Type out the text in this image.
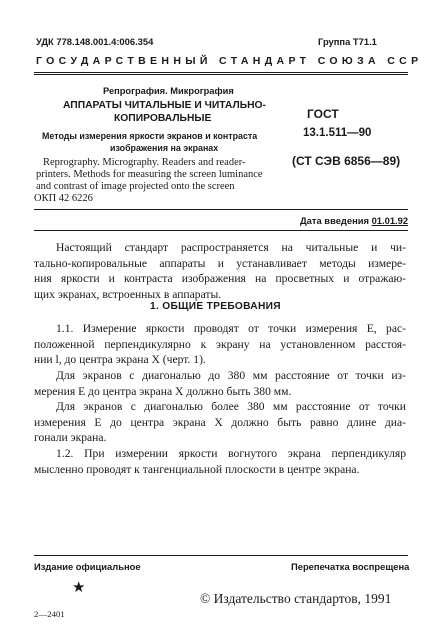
УДК 778.148.001.4:006.354	Группа Т71.1
ГОСУДАРСТВЕННЫЙ СТАНДАРТ СОЮЗА ССР
Репрография. Микрография
АППАРАТЫ ЧИТАЛЬНЫЕ И ЧИТАЛЬНО-
КОПИРОВАЛЬНЫЕ
Методы измерения яркости экранов и контраста
изображения на экранах
Reprography. Micrography. Readers and reader-
printers. Methods for measuring the screen luminance
and contrast of image projected onto the screen
ОКП 42 6226
ГОСТ
13.1.511—90
(СТ СЭВ 6856—89)
Дата введения 01.01.92
Настоящий стандарт распространяется на читальные и чи-
тально-копировальные аппараты и устанавливает методы измере-
ния яркости и контраста изображения на просветных и отражаю-
щих экранах, встроенных в аппараты.
1. ОБЩИЕ ТРЕБОВАНИЯ
1.1. Измерение яркости проводят от точки измерения Е, рас-
положенной перпендикулярно к экрану на установленном расстоя-
нии l, до центра экрана X (черт. 1).
Для экранов с диагональю до 380 мм расстояние от точки из-
мерения Е до центра экрана X должно быть 380 мм.
Для экранов с диагональю более 380 мм расстояние от точки
измерения Е до центра экрана X должно быть равно длине диа-
гонали экрана.
1.2. При измерении яркости вогнутого экрана перпендикуляр
мысленно проводят к тангенциальной плоскости в центре экрана.
Издание официальное	Перепечатка воспрещена
★
© Издательство стандартов, 1991
2—2401
